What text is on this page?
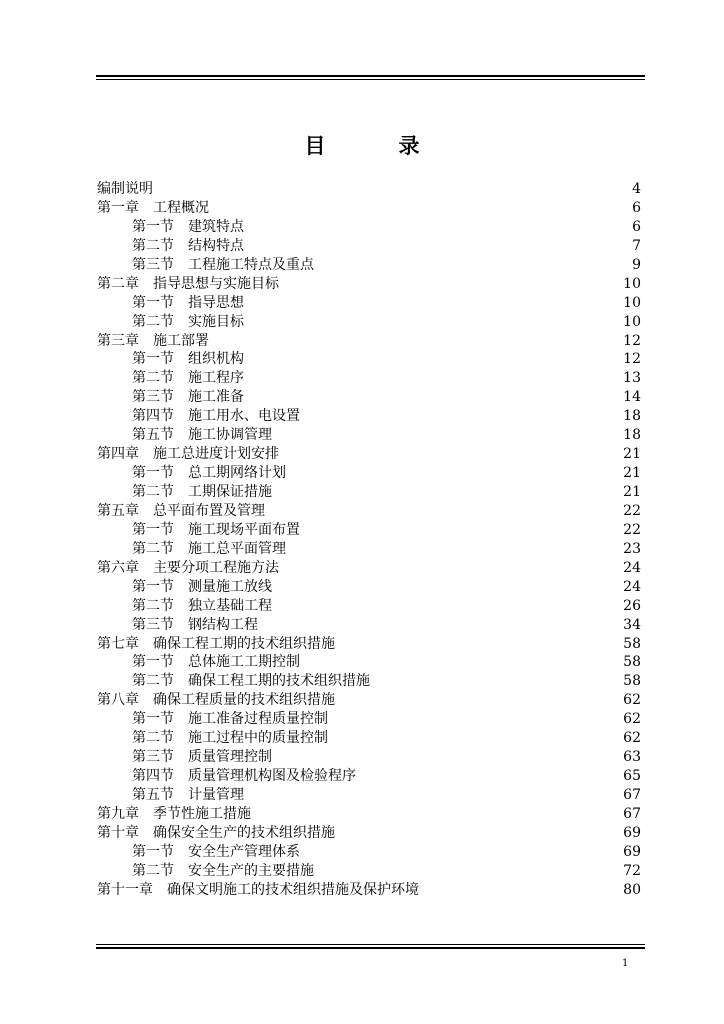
目　录
编制说明	4
第一章　工程概况	6
第一节　建筑特点	6
第二节　结构特点	7
第三节　工程施工特点及重点	9
第二章　指导思想与实施目标	10
第一节　指导思想	10
第二节　实施目标	10
第三章　施工部署	12
第一节　组织机构	12
第二节　施工程序	13
第三节　施工准备	14
第四节　施工用水、电设置	18
第五节　施工协调管理	18
第四章　施工总进度计划安排	21
第一节　总工期网络计划	21
第二节　工期保证措施	21
第五章　总平面布置及管理	22
第一节　施工现场平面布置	22
第二节　施工总平面管理	23
第六章　主要分项工程施方法	24
第一节　测量施工放线	24
第二节　独立基础工程	26
第三节　钢结构工程	34
第七章　确保工程工期的技术组织措施	58
第一节　总体施工工期控制	58
第二节　确保工程工期的技术组织措施	58
第八章　确保工程质量的技术组织措施	62
第一节　施工准备过程质量控制	62
第二节　施工过程中的质量控制	62
第三节　质量管理控制	63
第四节　质量管理机构图及检验程序	65
第五节　计量管理	67
第九章　季节性施工措施	67
第十章　确保安全生产的技术组织措施	69
第一节　安全生产管理体系	69
第二节　安全生产的主要措施	72
第十一章　确保文明施工的技术组织措施及保护环境	80
1
